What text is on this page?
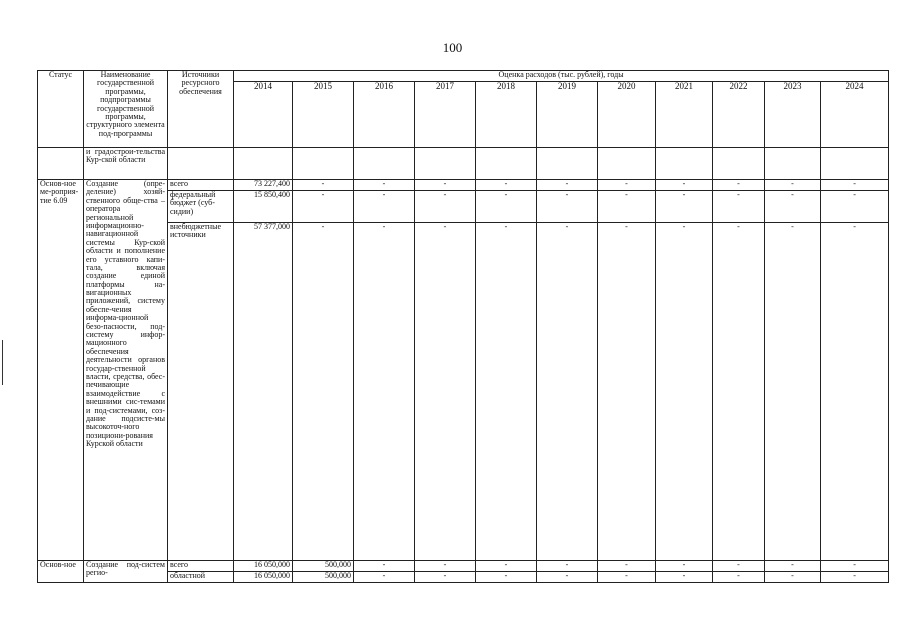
100
Статус	Наименование государственной программы, подпрограммы государственной программы, структурного элемента под-программы	Источники ресурсного обеспечения	Оценка расходов (тыс. рублей), годы										
			2014	2015	2016	2017	2018	2019	2020	2021	2022	2023	2024
	и градострои-тельства Кур-ской области												
Основ-ное ме-роприя-тие 6.09	Создание (опре-деление) хозяй-ственного обще-ства – оператора региональной информационно-навигационной системы Кур-ской области и пополнение его уставного капи-тала, включая создание единой платформы на-вигационных приложений, систему обеспе-чения информа-ционной безо-пасности, под-систему инфор-мационного обеспечения деятельности органов государ-ственной власти, средства, обес-печивающие взаимодействие с внешними сис-темами и под-системами, соз-дание подсисте-мы высокоточ-ного позициони-рования Курской области	всего	73 227,400	-	-	-	-	-	-	-	-	-	-
		федеральный бюджет (суб-сидии)	15 850,400	-	-	-	-	-	-	-	-	-	-
		внебюджетные источники	57 377,000	-	-	-	-	-	-	-	-	-	-
Основ-ное	Создание под-систем регио-	всего	16 050,000	500,000	-	-	-	-	-	-	-	-	-
		областной	16 050,000	500,000	-	-	-	-	-	-	-	-	-
